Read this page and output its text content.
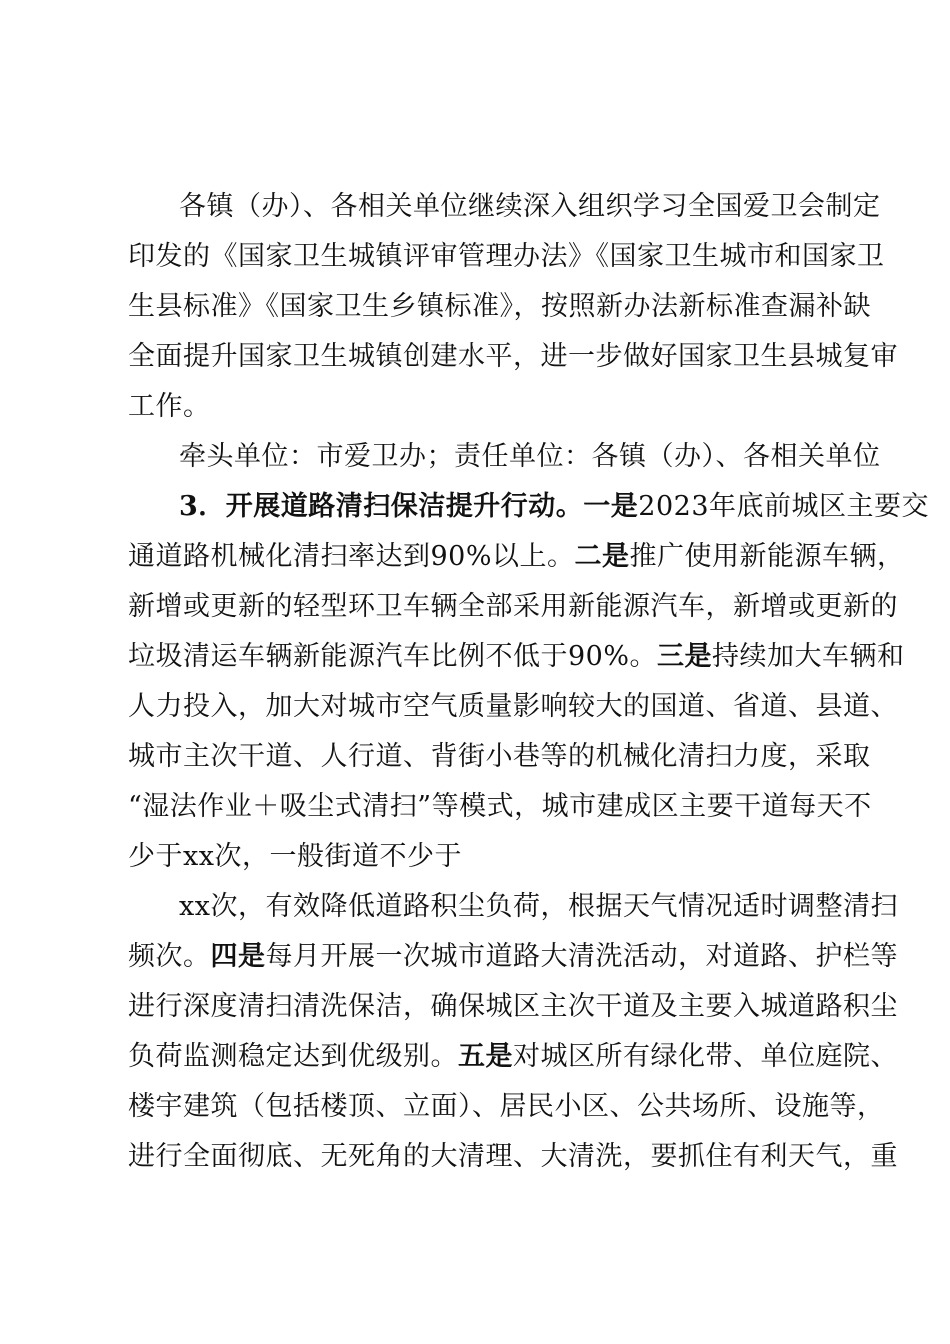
各镇（办）、各相关单位继续深入组织学习全国爱卫会制定
印发的《国家卫生城镇评审管理办法》《国家卫生城市和国家卫
生县标准》《国家卫生乡镇标准》，按照新办法新标准查漏补缺
全面提升国家卫生城镇创建水平，进一步做好国家卫生县城复审
工作。
牵头单位：市爱卫办；责任单位：各镇（办）、各相关单位
3．开展道路清扫保洁提升行动。一是2023年底前城区主要交
通道路机械化清扫率达到90%以上。二是推广使用新能源车辆，
新增或更新的轻型环卫车辆全部采用新能源汽车，新增或更新的
垃圾清运车辆新能源汽车比例不低于90%。三是持续加大车辆和
人力投入，加大对城市空气质量影响较大的国道、省道、县道、
城市主次干道、人行道、背街小巷等的机械化清扫力度，采取
“湿法作业＋吸尘式清扫”等模式，城市建成区主要干道每天不
少于xx次，一般街道不少于
xx次，有效降低道路积尘负荷，根据天气情况适时调整清扫
频次。四是每月开展一次城市道路大清洗活动，对道路、护栏等
进行深度清扫清洗保洁，确保城区主次干道及主要入城道路积尘
负荷监测稳定达到优级别。五是对城区所有绿化带、单位庭院、
楼宇建筑（包括楼顶、立面）、居民小区、公共场所、设施等，
进行全面彻底、无死角的大清理、大清洗，要抓住有利天气，重
